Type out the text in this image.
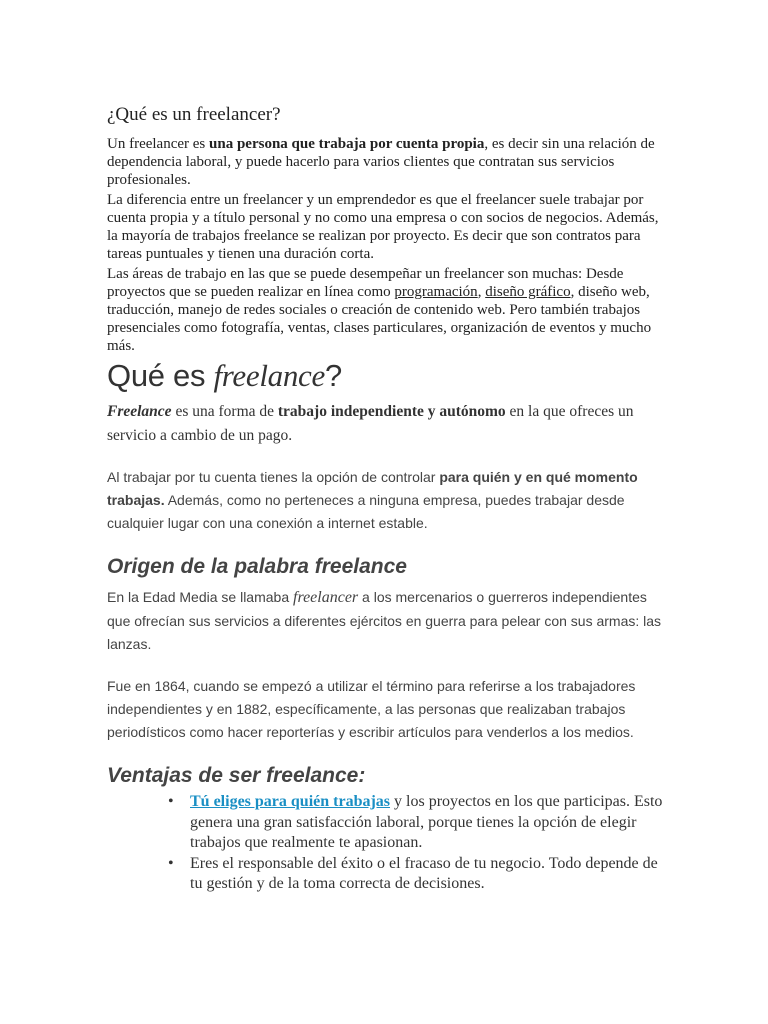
¿Qué es un freelancer?

Un freelancer es una persona que trabaja por cuenta propia, es decir sin una relación de dependencia laboral, y puede hacerlo para varios clientes que contratan sus servicios profesionales.

La diferencia entre un freelancer y un emprendedor es que el freelancer suele trabajar por cuenta propia y a título personal y no como una empresa o con socios de negocios. Además, la mayoría de trabajos freelance se realizan por proyecto. Es decir que son contratos para tareas puntuales y tienen una duración corta.

Las áreas de trabajo en las que se puede desempeñar un freelancer son muchas: Desde proyectos que se pueden realizar en línea como programación, diseño gráfico, diseño web, traducción, manejo de redes sociales o creación de contenido web. Pero también trabajos presenciales como fotografía, ventas, clases particulares, organización de eventos y mucho más.

Qué es freelance?

Freelance es una forma de trabajo independiente y autónomo en la que ofreces un servicio a cambio de un pago.

Al trabajar por tu cuenta tienes la opción de controlar para quién y en qué momento trabajas. Además, como no perteneces a ninguna empresa, puedes trabajar desde cualquier lugar con una conexión a internet estable.

Origen de la palabra freelance

En la Edad Media se llamaba freelancer a los mercenarios o guerreros independientes que ofrecían sus servicios a diferentes ejércitos en guerra para pelear con sus armas: las lanzas.

Fue en 1864, cuando se empezó a utilizar el término para referirse a los trabajadores independientes y en 1882, específicamente, a las personas que realizaban trabajos periodísticos como hacer reporterías y escribir artículos para venderlos a los medios.

Ventajas de ser freelance:
• Tú eliges para quién trabajas y los proyectos en los que participas. Esto genera una gran satisfacción laboral, porque tienes la opción de elegir trabajos que realmente te apasionan.
• Eres el responsable del éxito o el fracaso de tu negocio. Todo depende de tu gestión y de la toma correcta de decisiones.
